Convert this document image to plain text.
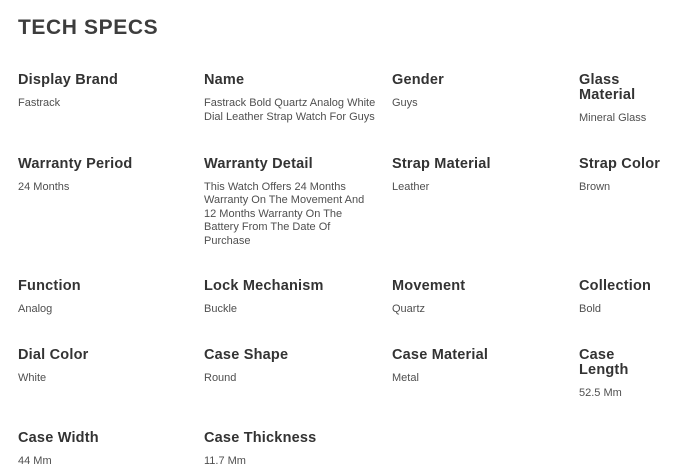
TECH SPECS
Display Brand

Fastrack

Name

Fastrack Bold Quartz Analog White Dial Leather Strap Watch For Guys

Gender

Guys

Glass Material

Mineral Glass

Warranty Period

24 Months

Warranty Detail

This Watch Offers 24 Months Warranty On The Movement And 12 Months Warranty On The Battery From The Date Of Purchase

Strap Material

Leather

Strap Color

Brown

Function

Analog

Lock Mechanism

Buckle

Movement

Quartz

Collection

Bold

Dial Color

White

Case Shape

Round

Case Material

Metal

Case Length

52.5 Mm

Case Width

44 Mm

Case Thickness

11.7 Mm
